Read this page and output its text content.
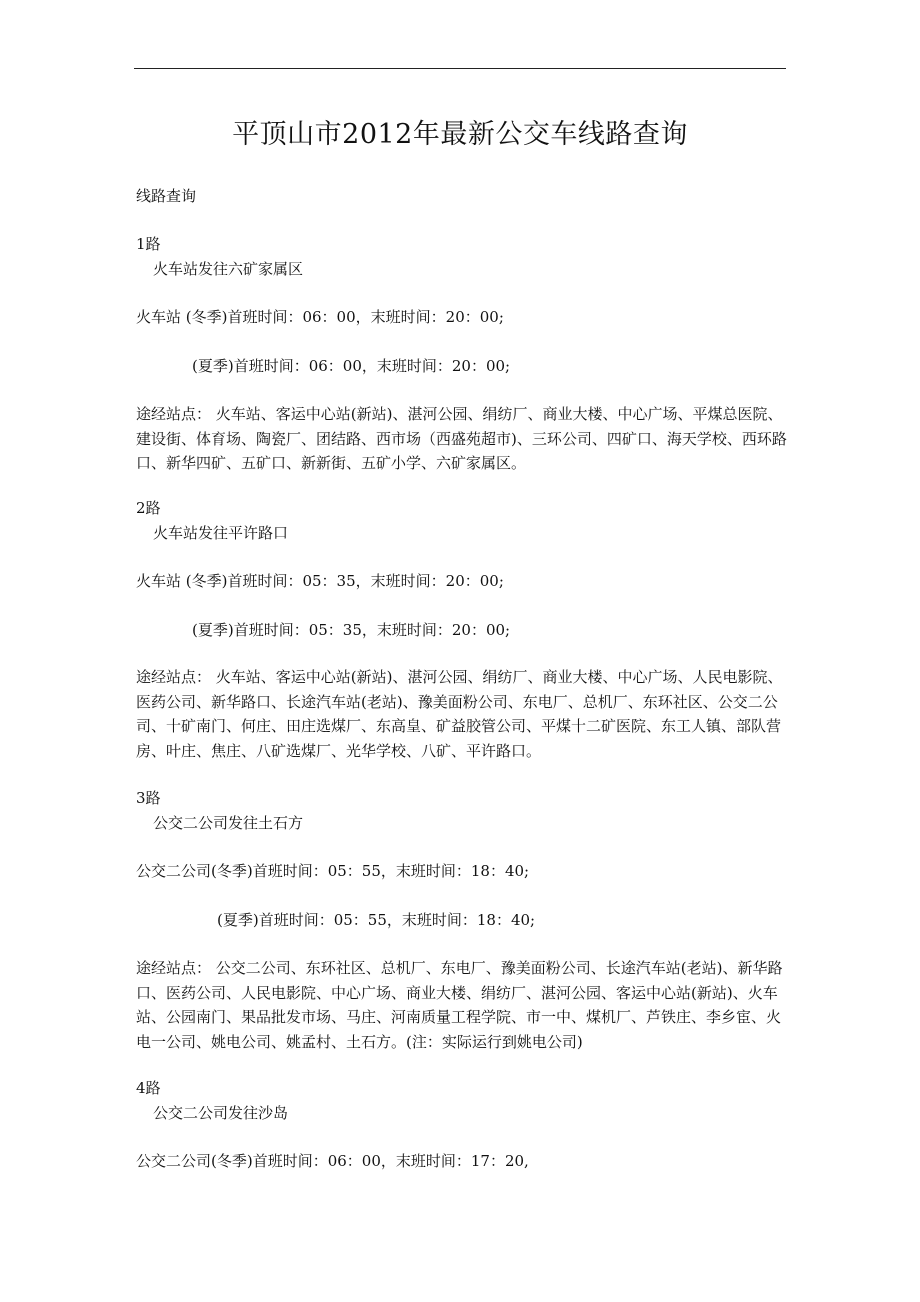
平顶山市2012年最新公交车线路查询
线路查询
1路
火车站发往六矿家属区
火车站 (冬季)首班时间：06：00，末班时间：20：00;
(夏季)首班时间：06：00，末班时间：20：00;
途经站点： 火车站、客运中心站(新站)、湛河公园、绢纺厂、商业大楼、中心广场、平煤总医院、建设街、体育场、陶瓷厂、团结路、西市场（西盛苑超市)、三环公司、四矿口、海天学校、西环路口、新华四矿、五矿口、新新街、五矿小学、六矿家属区。
2路
火车站发往平许路口
火车站 (冬季)首班时间：05：35，末班时间：20：00;
(夏季)首班时间：05：35，末班时间：20：00;
途经站点： 火车站、客运中心站(新站)、湛河公园、绢纺厂、商业大楼、中心广场、人民电影院、医药公司、新华路口、长途汽车站(老站)、豫美面粉公司、东电厂、总机厂、东环社区、公交二公司、十矿南门、何庄、田庄选煤厂、东高皇、矿益胶管公司、平煤十二矿医院、东工人镇、部队营房、叶庄、焦庄、八矿选煤厂、光华学校、八矿、平许路口。
3路
公交二公司发往土石方
公交二公司(冬季)首班时间：05：55，末班时间：18：40;
(夏季)首班时间：05：55，末班时间：18：40;
途经站点： 公交二公司、东环社区、总机厂、东电厂、豫美面粉公司、长途汽车站(老站)、新华路口、医药公司、人民电影院、中心广场、商业大楼、绢纺厂、湛河公园、客运中心站(新站)、火车站、公园南门、果品批发市场、马庄、河南质量工程学院、市一中、煤机厂、芦铁庄、李乡宦、火电一公司、姚电公司、姚孟村、土石方。(注：实际运行到姚电公司)
4路
公交二公司发往沙岛
公交二公司(冬季)首班时间：06：00，末班时间：17：20,
